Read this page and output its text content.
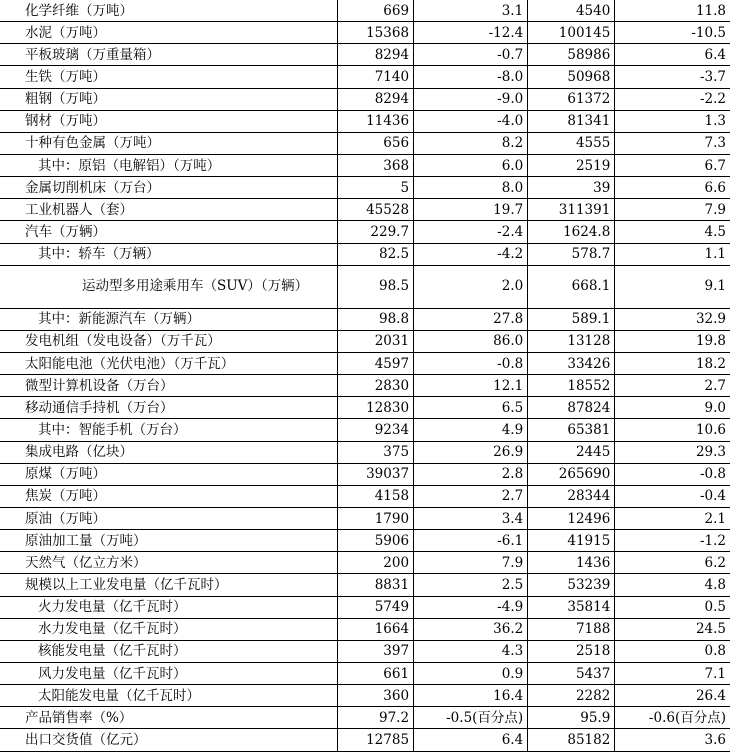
化学纤维（万吨）	669	3.1	4540	11.8
水泥（万吨）	15368	-12.4	100145	-10.5
平板玻璃（万重量箱）	8294	-0.7	58986	6.4
生铁（万吨）	7140	-8.0	50968	-3.7
粗钢（万吨）	8294	-9.0	61372	-2.2
钢材（万吨）	11436	-4.0	81341	1.3
十种有色金属（万吨）	656	8.2	4555	7.3
其中：原铝（电解铝）（万吨）	368	6.0	2519	6.7
金属切削机床（万台）	5	8.0	39	6.6
工业机器人（套）	45528	19.7	311391	7.9
汽车（万辆）	229.7	-2.4	1624.8	4.5
其中：轿车（万辆）	82.5	-4.2	578.7	1.1
运动型多用途乘用车（SUV）（万辆）	98.5	2.0	668.1	9.1
其中：新能源汽车（万辆）	98.8	27.8	589.1	32.9
发电机组（发电设备）（万千瓦）	2031	86.0	13128	19.8
太阳能电池（光伏电池）（万千瓦）	4597	-0.8	33426	18.2
微型计算机设备（万台）	2830	12.1	18552	2.7
移动通信手持机（万台）	12830	6.5	87824	9.0
其中：智能手机（万台）	9234	4.9	65381	10.6
集成电路（亿块）	375	26.9	2445	29.3
原煤（万吨）	39037	2.8	265690	-0.8
焦炭（万吨）	4158	2.7	28344	-0.4
原油（万吨）	1790	3.4	12496	2.1
原油加工量（万吨）	5906	-6.1	41915	-1.2
天然气（亿立方米）	200	7.9	1436	6.2
规模以上工业发电量（亿千瓦时）	8831	2.5	53239	4.8
火力发电量（亿千瓦时）	5749	-4.9	35814	0.5
水力发电量（亿千瓦时）	1664	36.2	7188	24.5
核能发电量（亿千瓦时）	397	4.3	2518	0.8
风力发电量（亿千瓦时）	661	0.9	5437	7.1
太阳能发电量（亿千瓦时）	360	16.4	2282	26.4
产品销售率（%）	97.2	-0.5(百分点)	95.9	-0.6(百分点)
出口交货值（亿元）	12785	6.4	85182	3.6
